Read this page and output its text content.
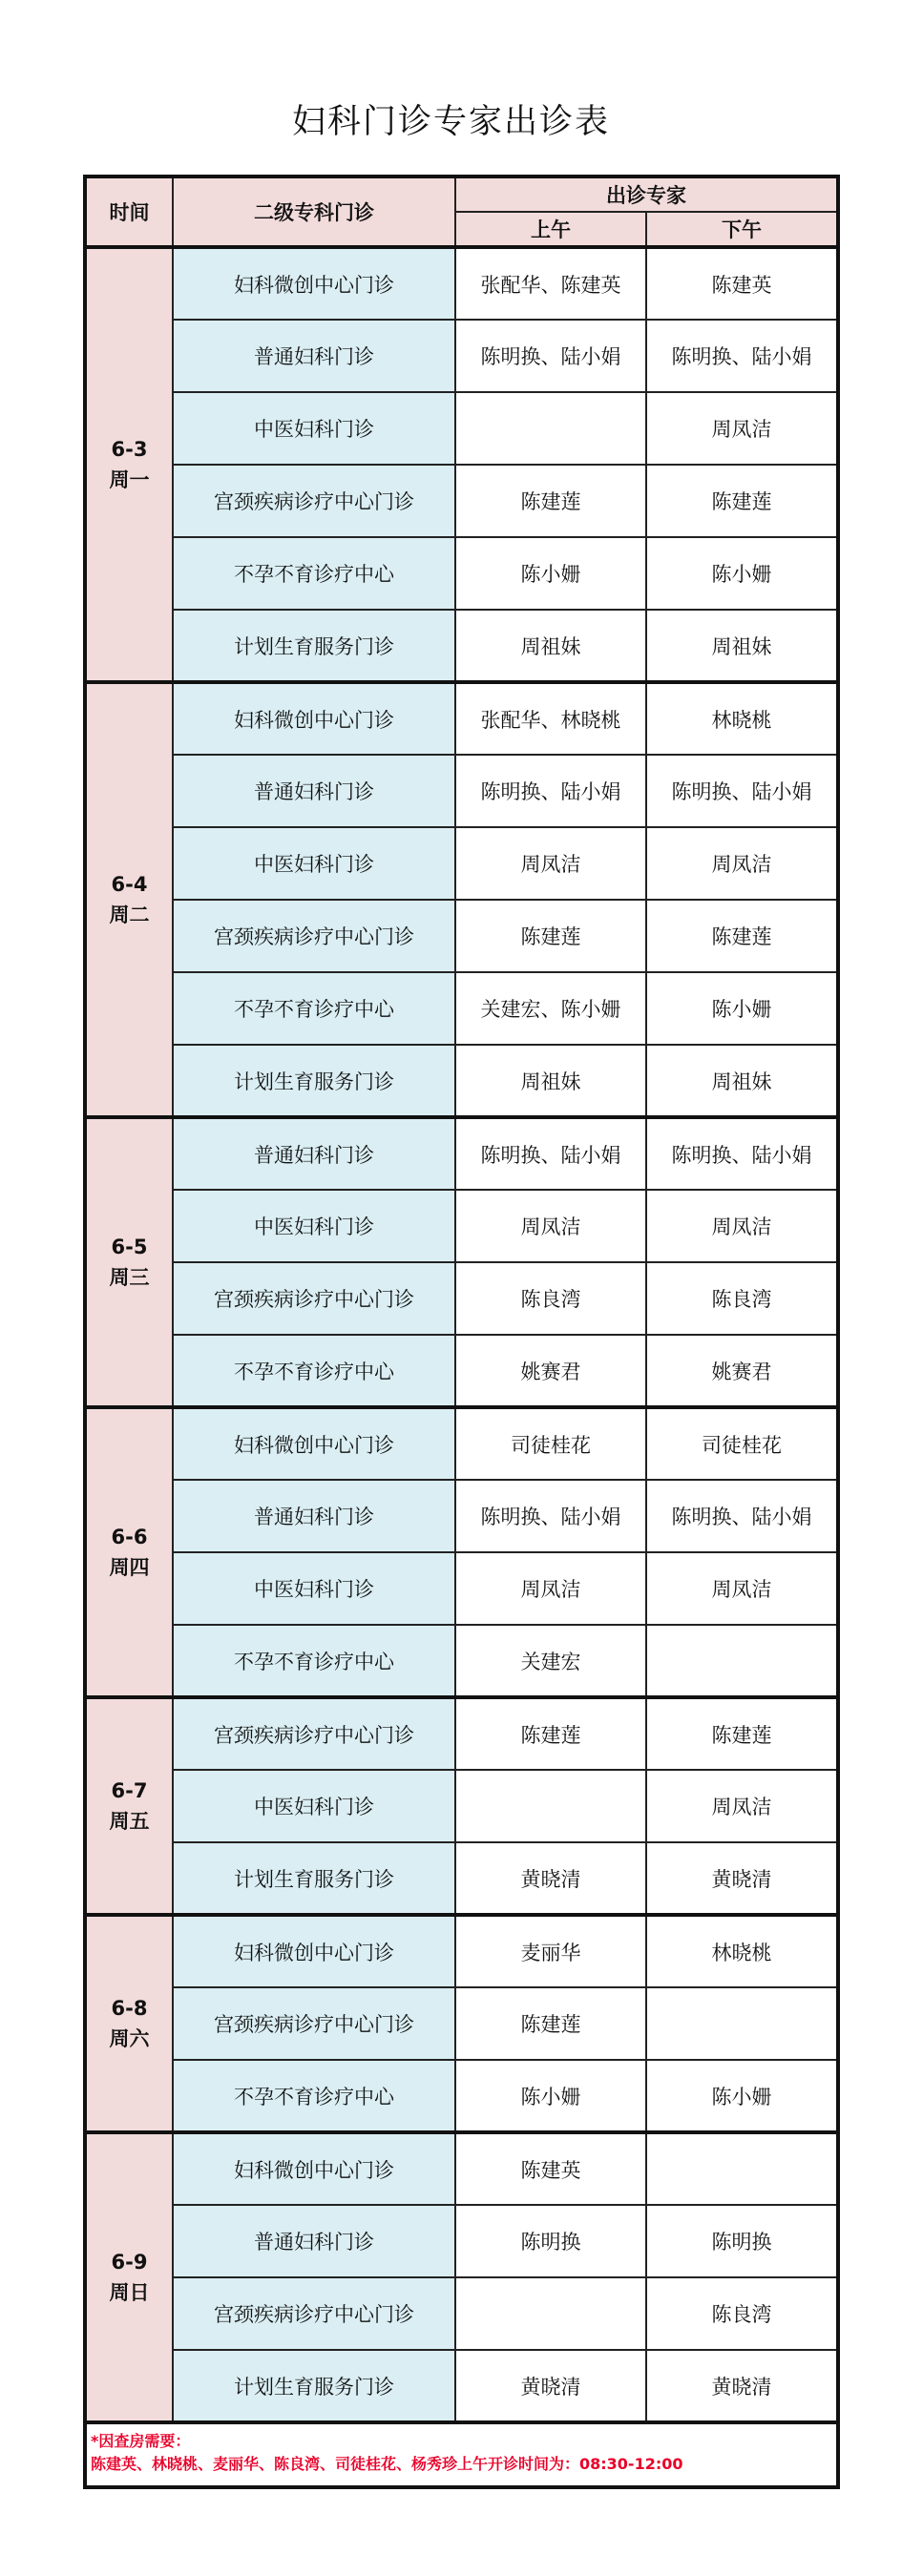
妇科门诊专家出诊表
时间	二级专科门诊	出诊专家	
		上午	下午

6-3
周一	妇科微创中心门诊	张配华、陈建英	陈建英
	普通妇科门诊	陈明换、陆小娟	陈明换、陆小娟
	中医妇科门诊		周凤洁
	宫颈疾病诊疗中心门诊	陈建莲	陈建莲
	不孕不育诊疗中心	陈小姗	陈小姗
	计划生育服务门诊	周祖妹	周祖妹

6-4
周二	妇科微创中心门诊	张配华、林晓桃	林晓桃
	普通妇科门诊	陈明换、陆小娟	陈明换、陆小娟
	中医妇科门诊	周凤洁	周凤洁
	宫颈疾病诊疗中心门诊	陈建莲	陈建莲
	不孕不育诊疗中心	关建宏、陈小姗	陈小姗
	计划生育服务门诊	周祖妹	周祖妹

6-5
周三	普通妇科门诊	陈明换、陆小娟	陈明换、陆小娟
	中医妇科门诊	周凤洁	周凤洁
	宫颈疾病诊疗中心门诊	陈良湾	陈良湾
	不孕不育诊疗中心	姚赛君	姚赛君

6-6
周四	妇科微创中心门诊	司徒桂花	司徒桂花
	普通妇科门诊	陈明换、陆小娟	陈明换、陆小娟
	中医妇科门诊	周凤洁	周凤洁
	不孕不育诊疗中心	关建宏	

6-7
周五	宫颈疾病诊疗中心门诊	陈建莲	陈建莲
	中医妇科门诊		周凤洁
	计划生育服务门诊	黄晓清	黄晓清

6-8
周六	妇科微创中心门诊	麦丽华	林晓桃
	宫颈疾病诊疗中心门诊	陈建莲	
	不孕不育诊疗中心	陈小姗	陈小姗

6-9
周日	妇科微创中心门诊	陈建英	
	普通妇科门诊	陈明换	陈明换
	宫颈疾病诊疗中心门诊		陈良湾
	计划生育服务门诊	黄晓清	黄晓清

*因查房需要：
陈建英、林晓桃、麦丽华、陈良湾、司徒桂花、杨秀珍上午开诊时间为：08:30-12:00			
